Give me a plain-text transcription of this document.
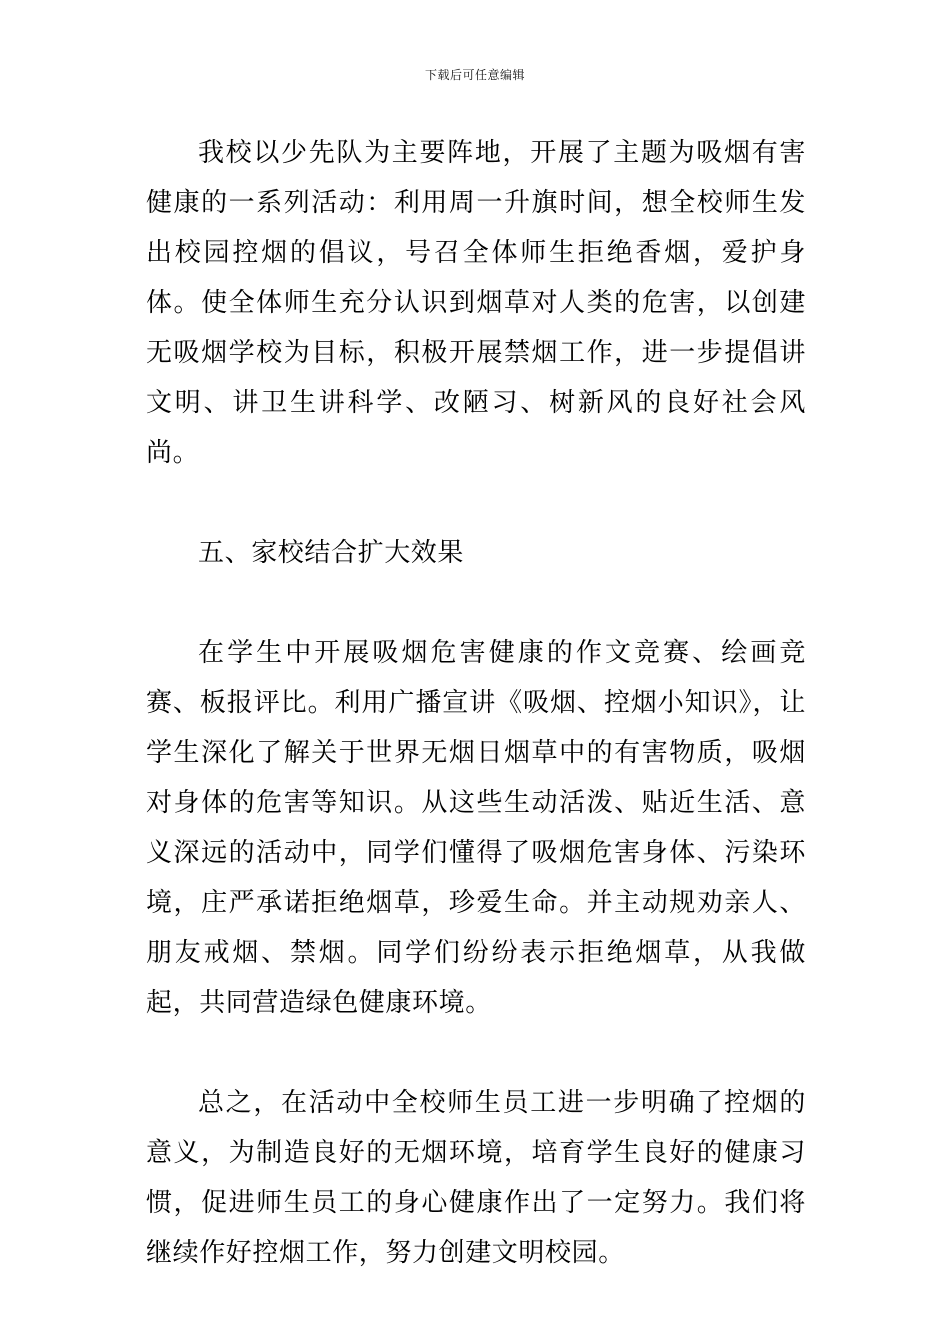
下载后可任意编辑

我校以少先队为主要阵地，开展了主题为吸烟有害健康的一系列活动：利用周一升旗时间，想全校师生发出校园控烟的倡议，号召全体师生拒绝香烟，爱护身体。使全体师生充分认识到烟草对人类的危害，以创建无吸烟学校为目标，积极开展禁烟工作，进一步提倡讲文明、讲卫生讲科学、改陋习、树新风的良好社会风尚。

五、家校结合扩大效果

在学生中开展吸烟危害健康的作文竞赛、绘画竞赛、板报评比。利用广播宣讲《吸烟、控烟小知识》，让学生深化了解关于世界无烟日烟草中的有害物质，吸烟对身体的危害等知识。从这些生动活泼、贴近生活、意义深远的活动中，同学们懂得了吸烟危害身体、污染环境，庄严承诺拒绝烟草，珍爱生命。并主动规劝亲人、朋友戒烟、禁烟。同学们纷纷表示拒绝烟草，从我做起，共同营造绿色健康环境。

总之，在活动中全校师生员工进一步明确了控烟的意义，为制造良好的无烟环境，培育学生良好的健康习惯，促进师生员工的身心健康作出了一定努力。我们将继续作好控烟工作，努力创建文明校园。
